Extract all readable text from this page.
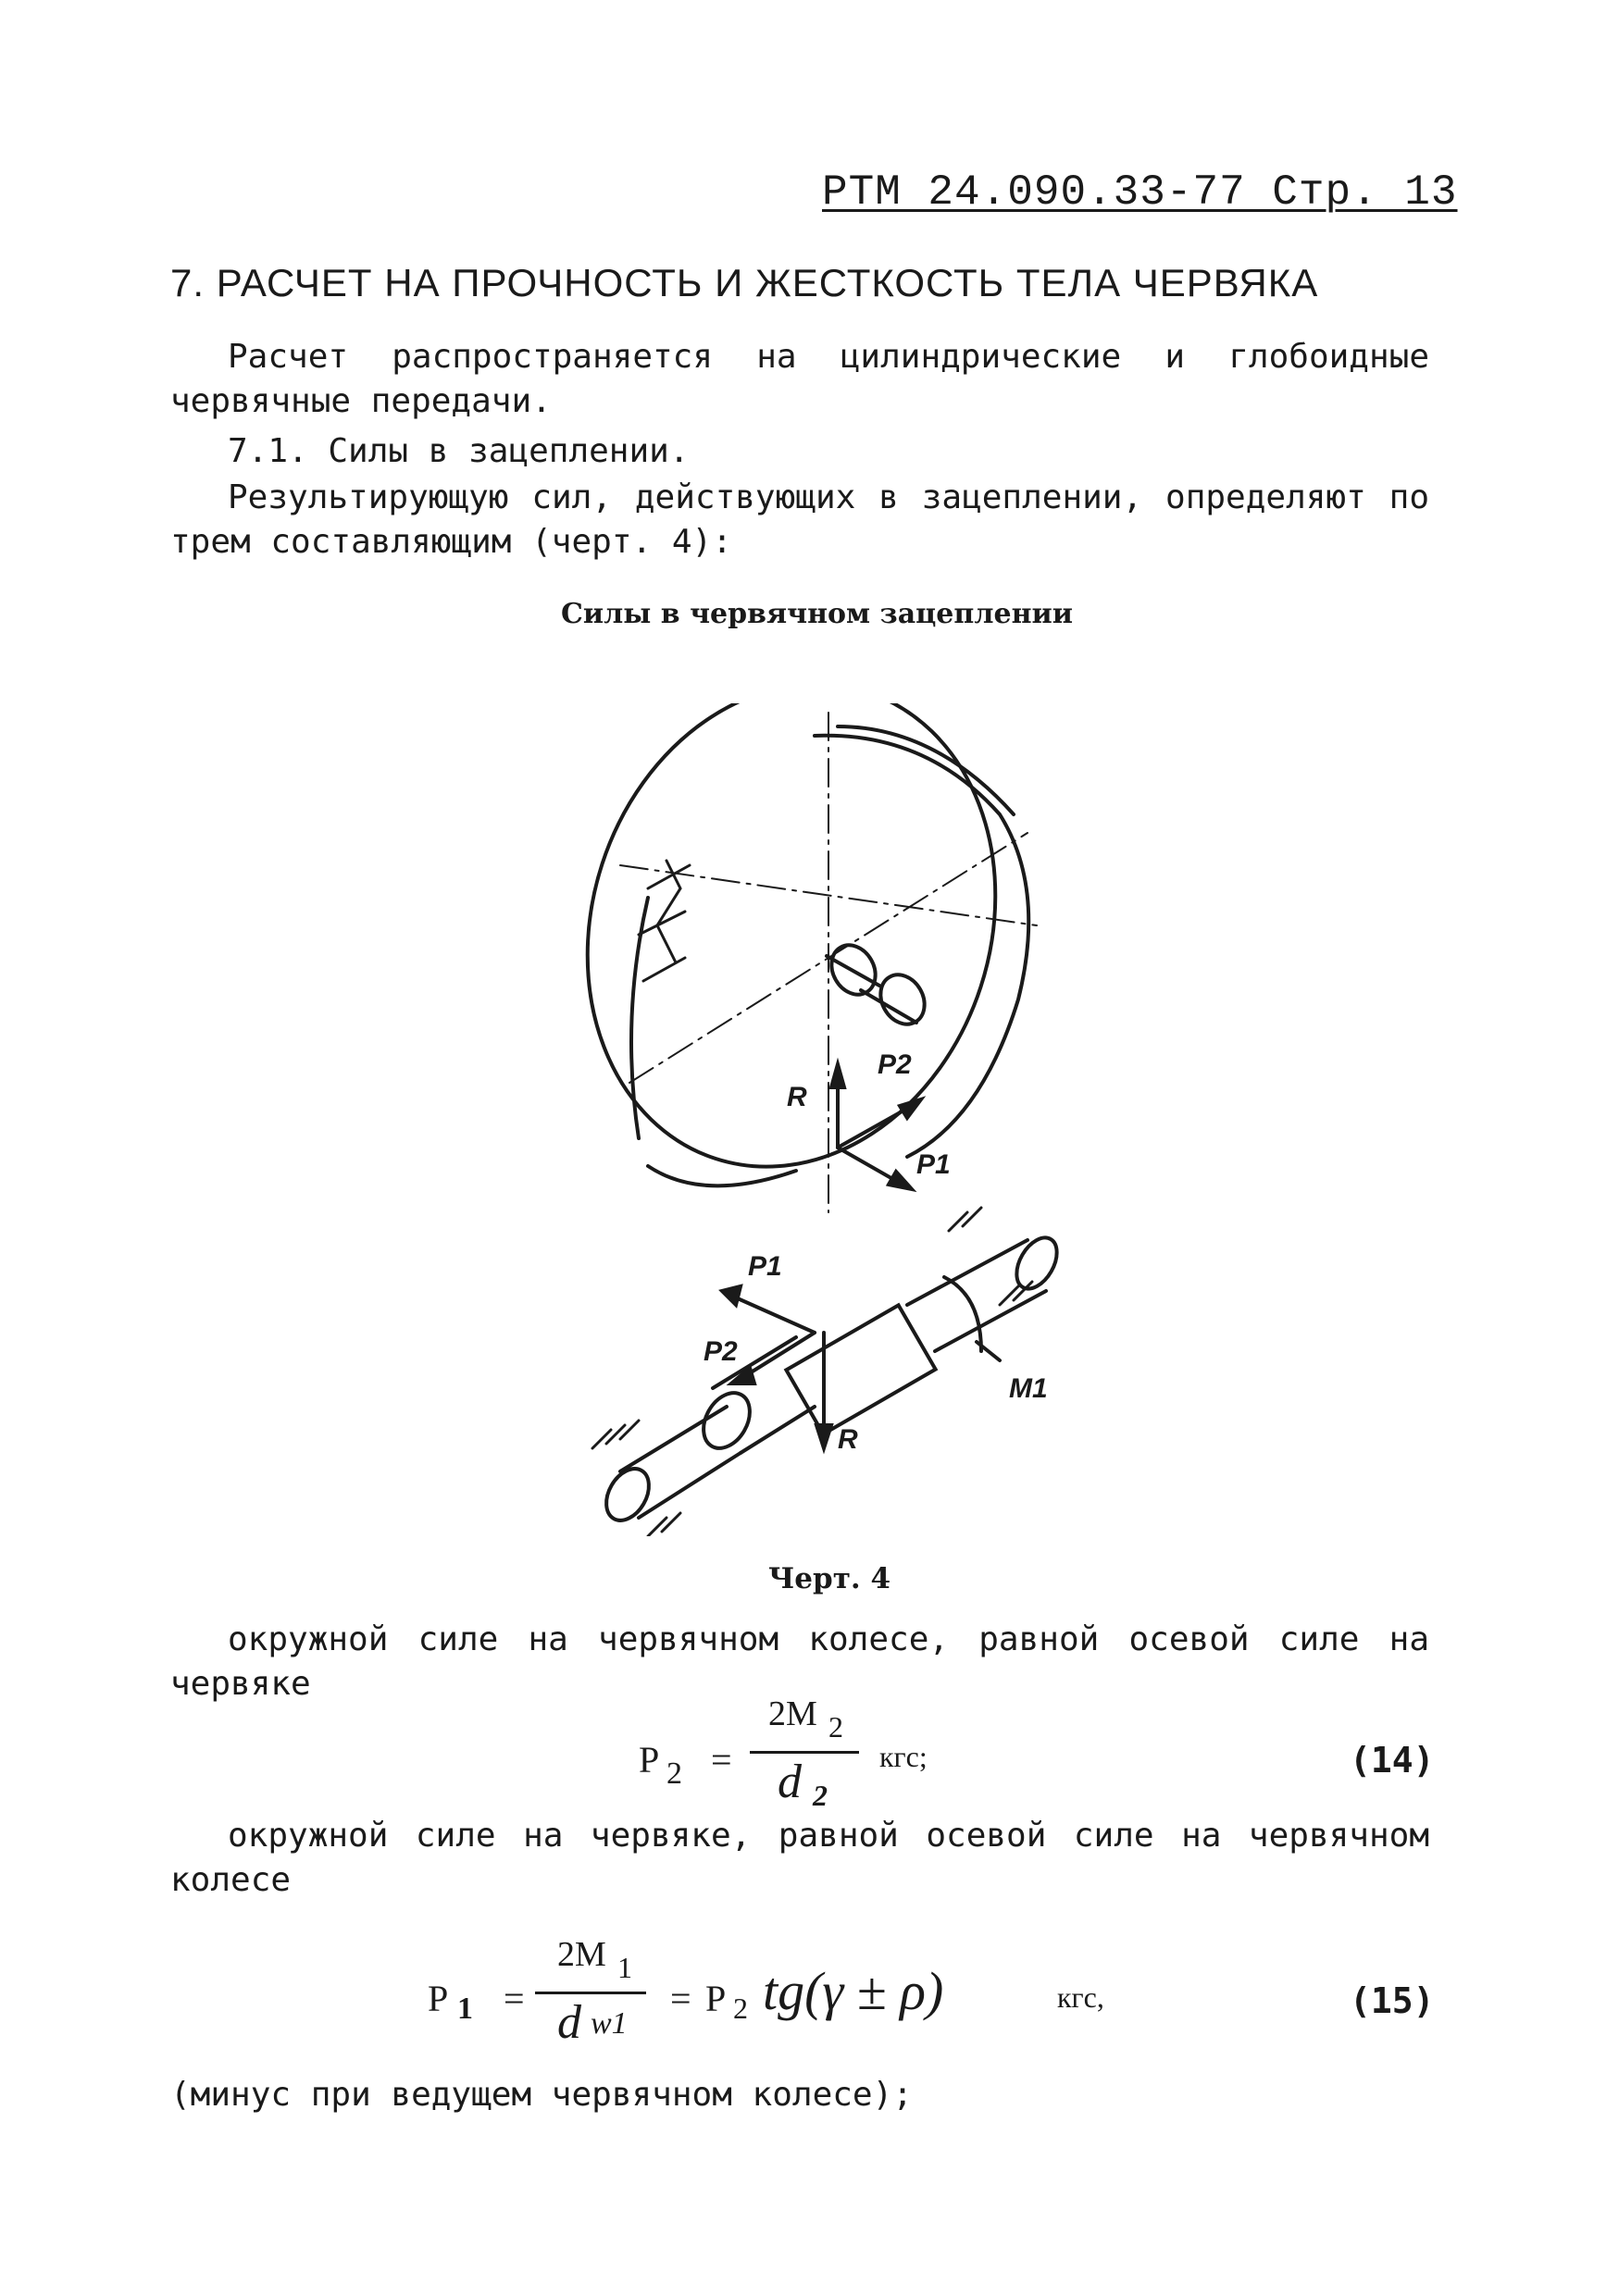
РТМ 24.090.33-77 Стр. 13
7. РАСЧЕТ НА ПРОЧНОСТЬ И ЖЕСТКОСТЬ ТЕЛА ЧЕРВЯКА
Расчет распространяется на цилиндрические и глобоидные червячные передачи.
7.1. Силы в зацеплении.
Результирующую сил, действующих в зацеплении, определяют по трем составляющим (черт. 4):
Силы в червячном зацеплении
R
P2
P1
P1
P2
R
M1
Черт. 4
окружной силе на червячном колесе, равной осевой силе на червяке
P 2 =
2M 2
d 2
кгс;	(14)
окружной силе на червяке, равной осевой силе на червячном колесе
P 1 =
2M 1
d w1
= P 2 tg(γ ± ρ)	кгс,	(15)
(минус при ведущем червячном колесе);
